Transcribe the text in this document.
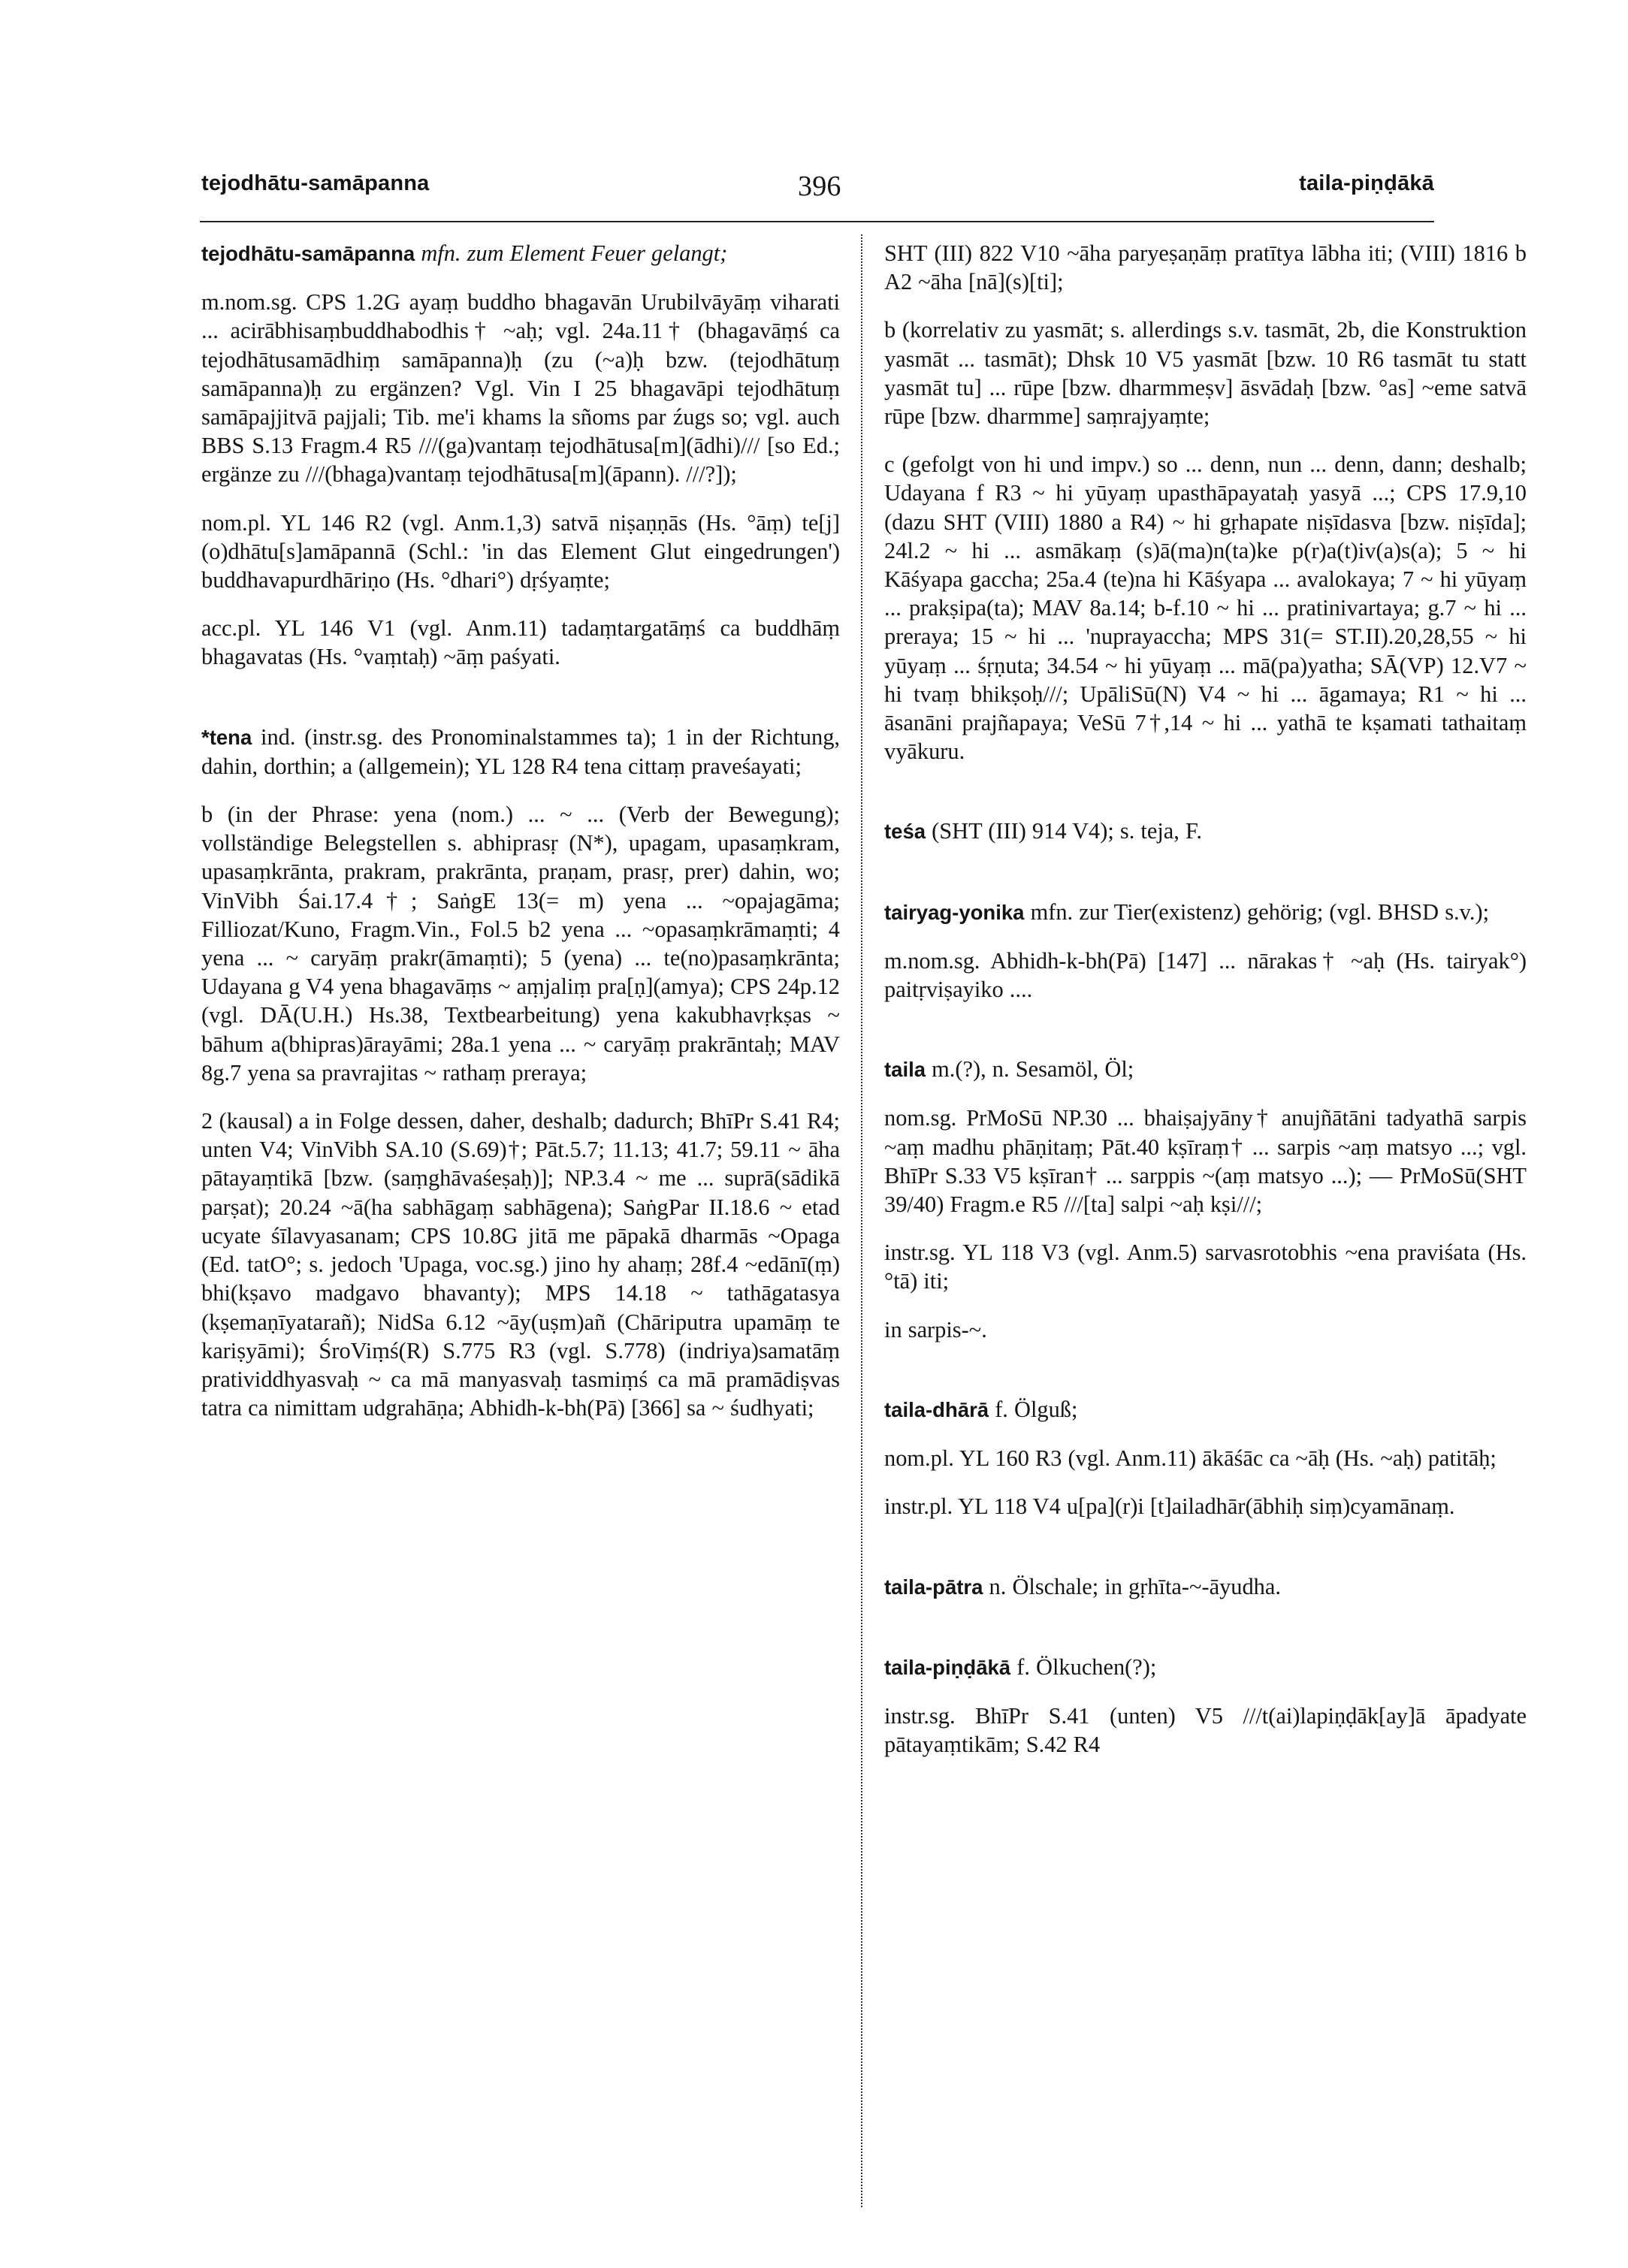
tejodhātu-samāpanna	396	taila-piṇḍākā

tejodhātu-samāpanna mfn. zum Element Feuer gelangt;

m.nom.sg. CPS 1.2G ayaṃ buddho bhagavān Urubilvāyāṃ viharati ... acirābhisaṃbuddhabodhis† ~aḥ; vgl. 24a.11† (bhagavāṃś ca tejodhātusamādhiṃ samāpanna)ḥ (zu (~a)ḥ bzw. (tejodhātuṃ samāpanna)ḥ zu ergänzen? Vgl. Vin I 25 bhagavāpi tejodhātuṃ samāpajjitvā pajjali; Tib. me'i khams la sñoms par źugs so; vgl. auch BBS S.13 Fragm.4 R5 ///(ga)vantaṃ tejodhātusa[m](ādhi)/// [so Ed.; ergänze zu ///(bhaga)vantaṃ tejodhātusa[m](āpann). ///?]);

nom.pl. YL 146 R2 (vgl. Anm.1,3) satvā niṣaṇṇās (Hs. °āṃ) te[j](o)dhātu[s]amāpannā (Schl.: 'in das Element Glut eingedrungen') buddhavapurdhāriṇo (Hs. °dhari°) dṛśyaṃte;

acc.pl. YL 146 V1 (vgl. Anm.11) tadaṃtargatāṃś ca buddhāṃ bhagavatas (Hs. °vaṃtaḥ) ~āṃ paśyati.

*tena ind. (instr.sg. des Pronominalstammes ta); 1 in der Richtung, dahin, dorthin; a (allgemein); YL 128 R4 tena cittaṃ praveśayati;

b (in der Phrase: yena (nom.) ... ~ ... (Verb der Bewegung); vollständige Belegstellen s. abhiprasṛ (N*), upagam, upasaṃkram, upasaṃkrānta, prakram, prakrānta, praṇam, prasṛ, prer) dahin, wo; VinVibh Śai.17.4†; SaṅgE 13(= m) yena ... ~opajagāma; Filliozat/Kuno, Fragm.Vin., Fol.5 b2 yena ... ~opasaṃkrāmaṃti; 4 yena ... ~ caryāṃ prakr(āmaṃti); 5 (yena) ... te(no)pasaṃkrānta; Udayana g V4 yena bhagavāṃs ~ aṃjaliṃ pra[ṇ](amya); CPS 24p.12 (vgl. DĀ(U.H.) Hs.38, Textbearbeitung) yena kakubhavṛkṣas ~ bāhum a(bhipras)ārayāmi; 28a.1 yena ... ~ caryāṃ prakrāntaḥ; MAV 8g.7 yena sa pravrajitas ~ rathaṃ preraya;

2 (kausal) a in Folge dessen, daher, deshalb; dadurch; BhīPr S.41 R4; unten V4; VinVibh SA.10 (S.69)†; Pāt.5.7; 11.13; 41.7; 59.11 ~ āha pātayaṃtikā [bzw. (saṃghāvaśeṣaḥ)]; NP.3.4 ~ me ... suprā(sādikā parṣat); 20.24 ~ā(ha sabhāgaṃ sabhāgena); SaṅgPar II.18.6 ~ etad ucyate śīlavyasanam; CPS 10.8G jitā me pāpakā dharmās ~Opaga (Ed. tatO°; s. jedoch 'Upaga, voc.sg.) jino hy ahaṃ; 28f.4 ~edānī(ṃ) bhi(kṣavo madgavo bhavanty); MPS 14.18 ~ tathāgatasya (kṣemaṇīyatarañ); NidSa 6.12 ~āy(uṣm)añ (Chāriputra upamāṃ te kariṣyāmi); ŚroViṃś(R) S.775 R3 (vgl. S.778) (indriya)samatāṃ pratividdhyasvaḥ ~ ca mā manyasvaḥ tasmiṃś ca mā pramādiṣvas tatra ca nimittam udgrahāṇa; Abhidh-k-bh(Pā) [366] sa ~ śudhyati;

SHT (III) 822 V10 ~āha paryeṣaṇāṃ pratītya lābha iti; (VIII) 1816 b A2 ~āha [nā](s)[ti];

b (korrelativ zu yasmāt; s. allerdings s.v. tasmāt, 2b, die Konstruktion yasmāt ... tasmāt); Dhsk 10 V5 yasmāt [bzw. 10 R6 tasmāt tu statt yasmāt tu] ... rūpe [bzw. dharmmeṣv] āsvādaḥ [bzw. °as] ~eme satvā rūpe [bzw. dharmme] saṃrajyaṃte;

c (gefolgt von hi und impv.) so ... denn, nun ... denn, dann; deshalb; Udayana f R3 ~ hi yūyaṃ upasthāpayataḥ yasyā ...; CPS 17.9,10 (dazu SHT (VIII) 1880 a R4) ~ hi gṛhapate niṣīdasva [bzw. niṣīda]; 24l.2 ~ hi ... asmākaṃ (s)ā(ma)n(ta)ke p(r)a(t)iv(a)s(a); 5 ~ hi Kāśyapa gaccha; 25a.4 (te)na hi Kāśyapa ... avalokaya; 7 ~ hi yūyaṃ ... prakṣipa(ta); MAV 8a.14; b-f.10 ~ hi ... pratinivartaya; g.7 ~ hi ... preraya; 15 ~ hi ... 'nuprayaccha; MPS 31(= ST.II).20,28,55 ~ hi yūyaṃ ... śṛṇuta; 34.54 ~ hi yūyaṃ ... mā(pa)yatha; SĀ(VP) 12.V7 ~ hi tvaṃ bhikṣoḥ///; UpāliSū(N) V4 ~ hi ... āgamaya; R1 ~ hi ... āsanāni prajñapaya; VeSū 7†,14 ~ hi ... yathā te kṣamati tathaitaṃ vyākuru.

teśa (SHT (III) 914 V4); s. teja, F.

tairyag-yonika mfn. zur Tier(existenz) gehörig; (vgl. BHSD s.v.);

m.nom.sg. Abhidh-k-bh(Pā) [147] ... nārakas† ~aḥ (Hs. tairyak°) paitṛviṣayiko ....

taila m.(?), n. Sesamöl, Öl;

nom.sg. PrMoSū NP.30 ... bhaiṣajyāny† anujñātāni tadyathā sarpis ~aṃ madhu phāṇitaṃ; Pāt.40 kṣīraṃ† ... sarpis ~aṃ matsyo ...; vgl. BhīPr S.33 V5 kṣīran† ... sarppis ~(aṃ matsyo ...); — PrMoSū(SHT 39/40) Fragm.e R5 ///[ta] salpi ~aḥ kṣi///;

instr.sg. YL 118 V3 (vgl. Anm.5) sarvasrotobhis ~ena praviśata (Hs. °tā) iti;

in sarpis-~.

taila-dhārā f. Ölguß;

nom.pl. YL 160 R3 (vgl. Anm.11) ākāśāc ca ~āḥ (Hs. ~aḥ) patitāḥ;

instr.pl. YL 118 V4 u[pa](r)i [t]ailadhār(ābhiḥ siṃ)cyamānaṃ.

taila-pātra n. Ölschale; in gṛhīta-~-āyudha.

taila-piṇḍākā f. Ölkuchen(?);

instr.sg. BhīPr S.41 (unten) V5 ///t(ai)lapiṇḍāk[ay]ā āpadyate pātayaṃtikām; S.42 R4
